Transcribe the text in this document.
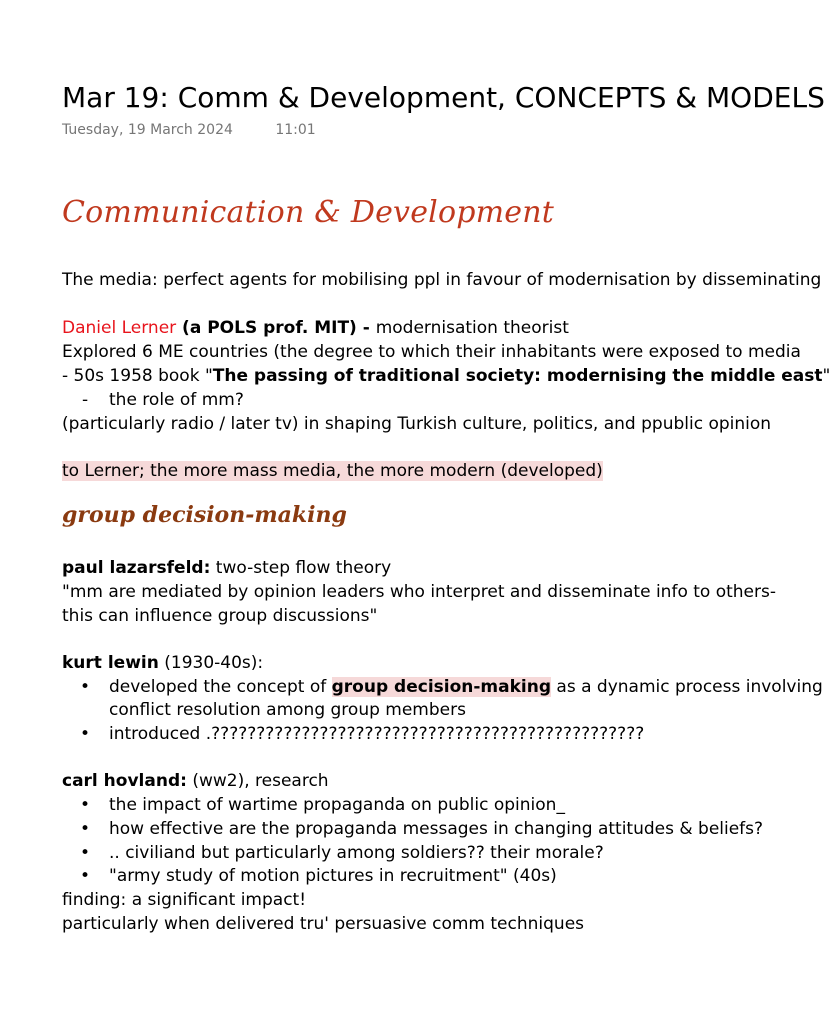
Mar 19: Comm & Development, CONCEPTS & MODELS
Tuesday, 19 March 2024	11:01
Communication & Development
The media: perfect agents for mobilising ppl in favour of modernisation by disseminating
Daniel Lerner (a POLS prof. MIT) - modernisation theorist
Explored 6 ME countries (the degree to which their inhabitants were exposed to media
- 50s 1958 book "The passing of traditional society: modernising the middle east"
- the role of mm?
(particularly radio / later tv) in shaping Turkish culture, politics, and ppublic opinion
to Lerner; the more mass media, the more modern (developed)
group decision-making
paul lazarsfeld: two-step flow theory
"mm are mediated by opinion leaders who interpret and disseminate info to others-
this can influence group discussions"
kurt lewin (1930-40s):
• developed the concept of group decision-making as a dynamic process involving
conflict resolution among group members
• introduced .????????????????????????????????????????????????
carl hovland: (ww2), research
• the impact of wartime propaganda on public opinion_
• how effective are the propaganda messages in changing attitudes & beliefs?
• .. civiliand but particularly among soldiers?? their morale?
• "army study of motion pictures in recruitment" (40s)
finding: a significant impact!
particularly when delivered tru' persuasive comm techniques
